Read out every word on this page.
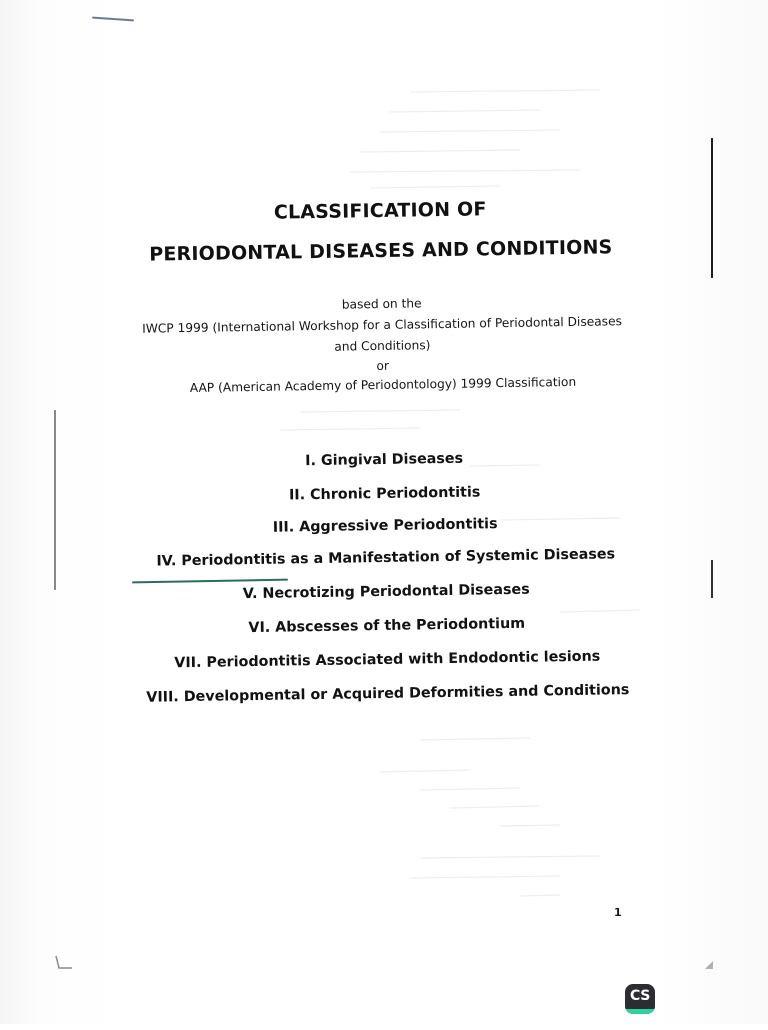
CLASSIFICATION OF
PERIODONTAL DISEASES AND CONDITIONS
based on the
IWCP 1999 (International Workshop for a Classification of Periodontal Diseases
and Conditions)
or
AAP (American Academy of Periodontology) 1999 Classification
I. Gingival Diseases
II. Chronic Periodontitis
III. Aggressive Periodontitis
IV. Periodontitis as a Manifestation of Systemic Diseases
V. Necrotizing Periodontal Diseases
VI. Abscesses of the Periodontium
VII. Periodontitis Associated with Endodontic lesions
VIII. Developmental or Acquired Deformities and Conditions
1
CS
